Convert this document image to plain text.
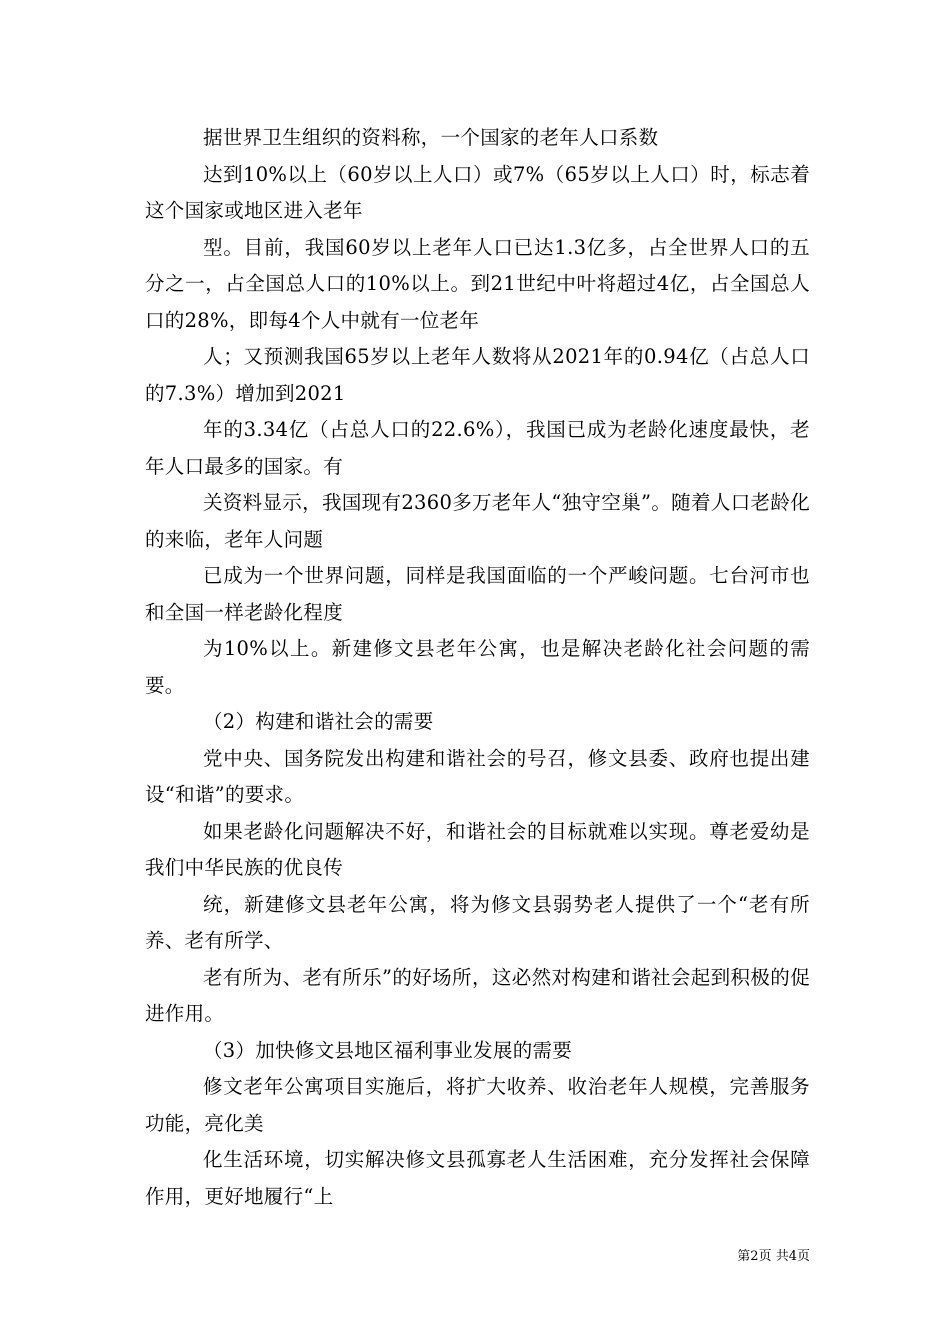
据世界卫生组织的资料称，一个国家的老年人口系数

达到10%以上（60岁以上人口）或7%（65岁以上人口）时，标志着这个国家或地区进入老年

型。目前，我国60岁以上老年人口已达1.3亿多，占全世界人口的五分之一，占全国总人口的10%以上。到21世纪中叶将超过4亿，占全国总人口的28%，即每4个人中就有一位老年

人；又预测我国65岁以上老年人数将从2021年的0.94亿（占总人口的7.3%）增加到2021

年的3.34亿（占总人口的22.6%），我国已成为老龄化速度最快，老年人口最多的国家。有

关资料显示，我国现有2360多万老年人“独守空巢”。随着人口老龄化的来临，老年人问题

已成为一个世界问题，同样是我国面临的一个严峻问题。七台河市也和全国一样老龄化程度

为10%以上。新建修文县老年公寓，也是解决老龄化社会问题的需要。

（2）构建和谐社会的需要

党中央、国务院发出构建和谐社会的号召，修文县委、政府也提出建设“和谐”的要求。

如果老龄化问题解决不好，和谐社会的目标就难以实现。尊老爱幼是我们中华民族的优良传

统，新建修文县老年公寓，将为修文县弱势老人提供了一个“老有所养、老有所学、

老有所为、老有所乐”的好场所，这必然对构建和谐社会起到积极的促进作用。

（3）加快修文县地区福利事业发展的需要

修文老年公寓项目实施后，将扩大收养、收治老年人规模，完善服务功能，亮化美

化生活环境，切实解决修文县孤寡老人生活困难，充分发挥社会保障作用，更好地履行“上

第2页 共4页
